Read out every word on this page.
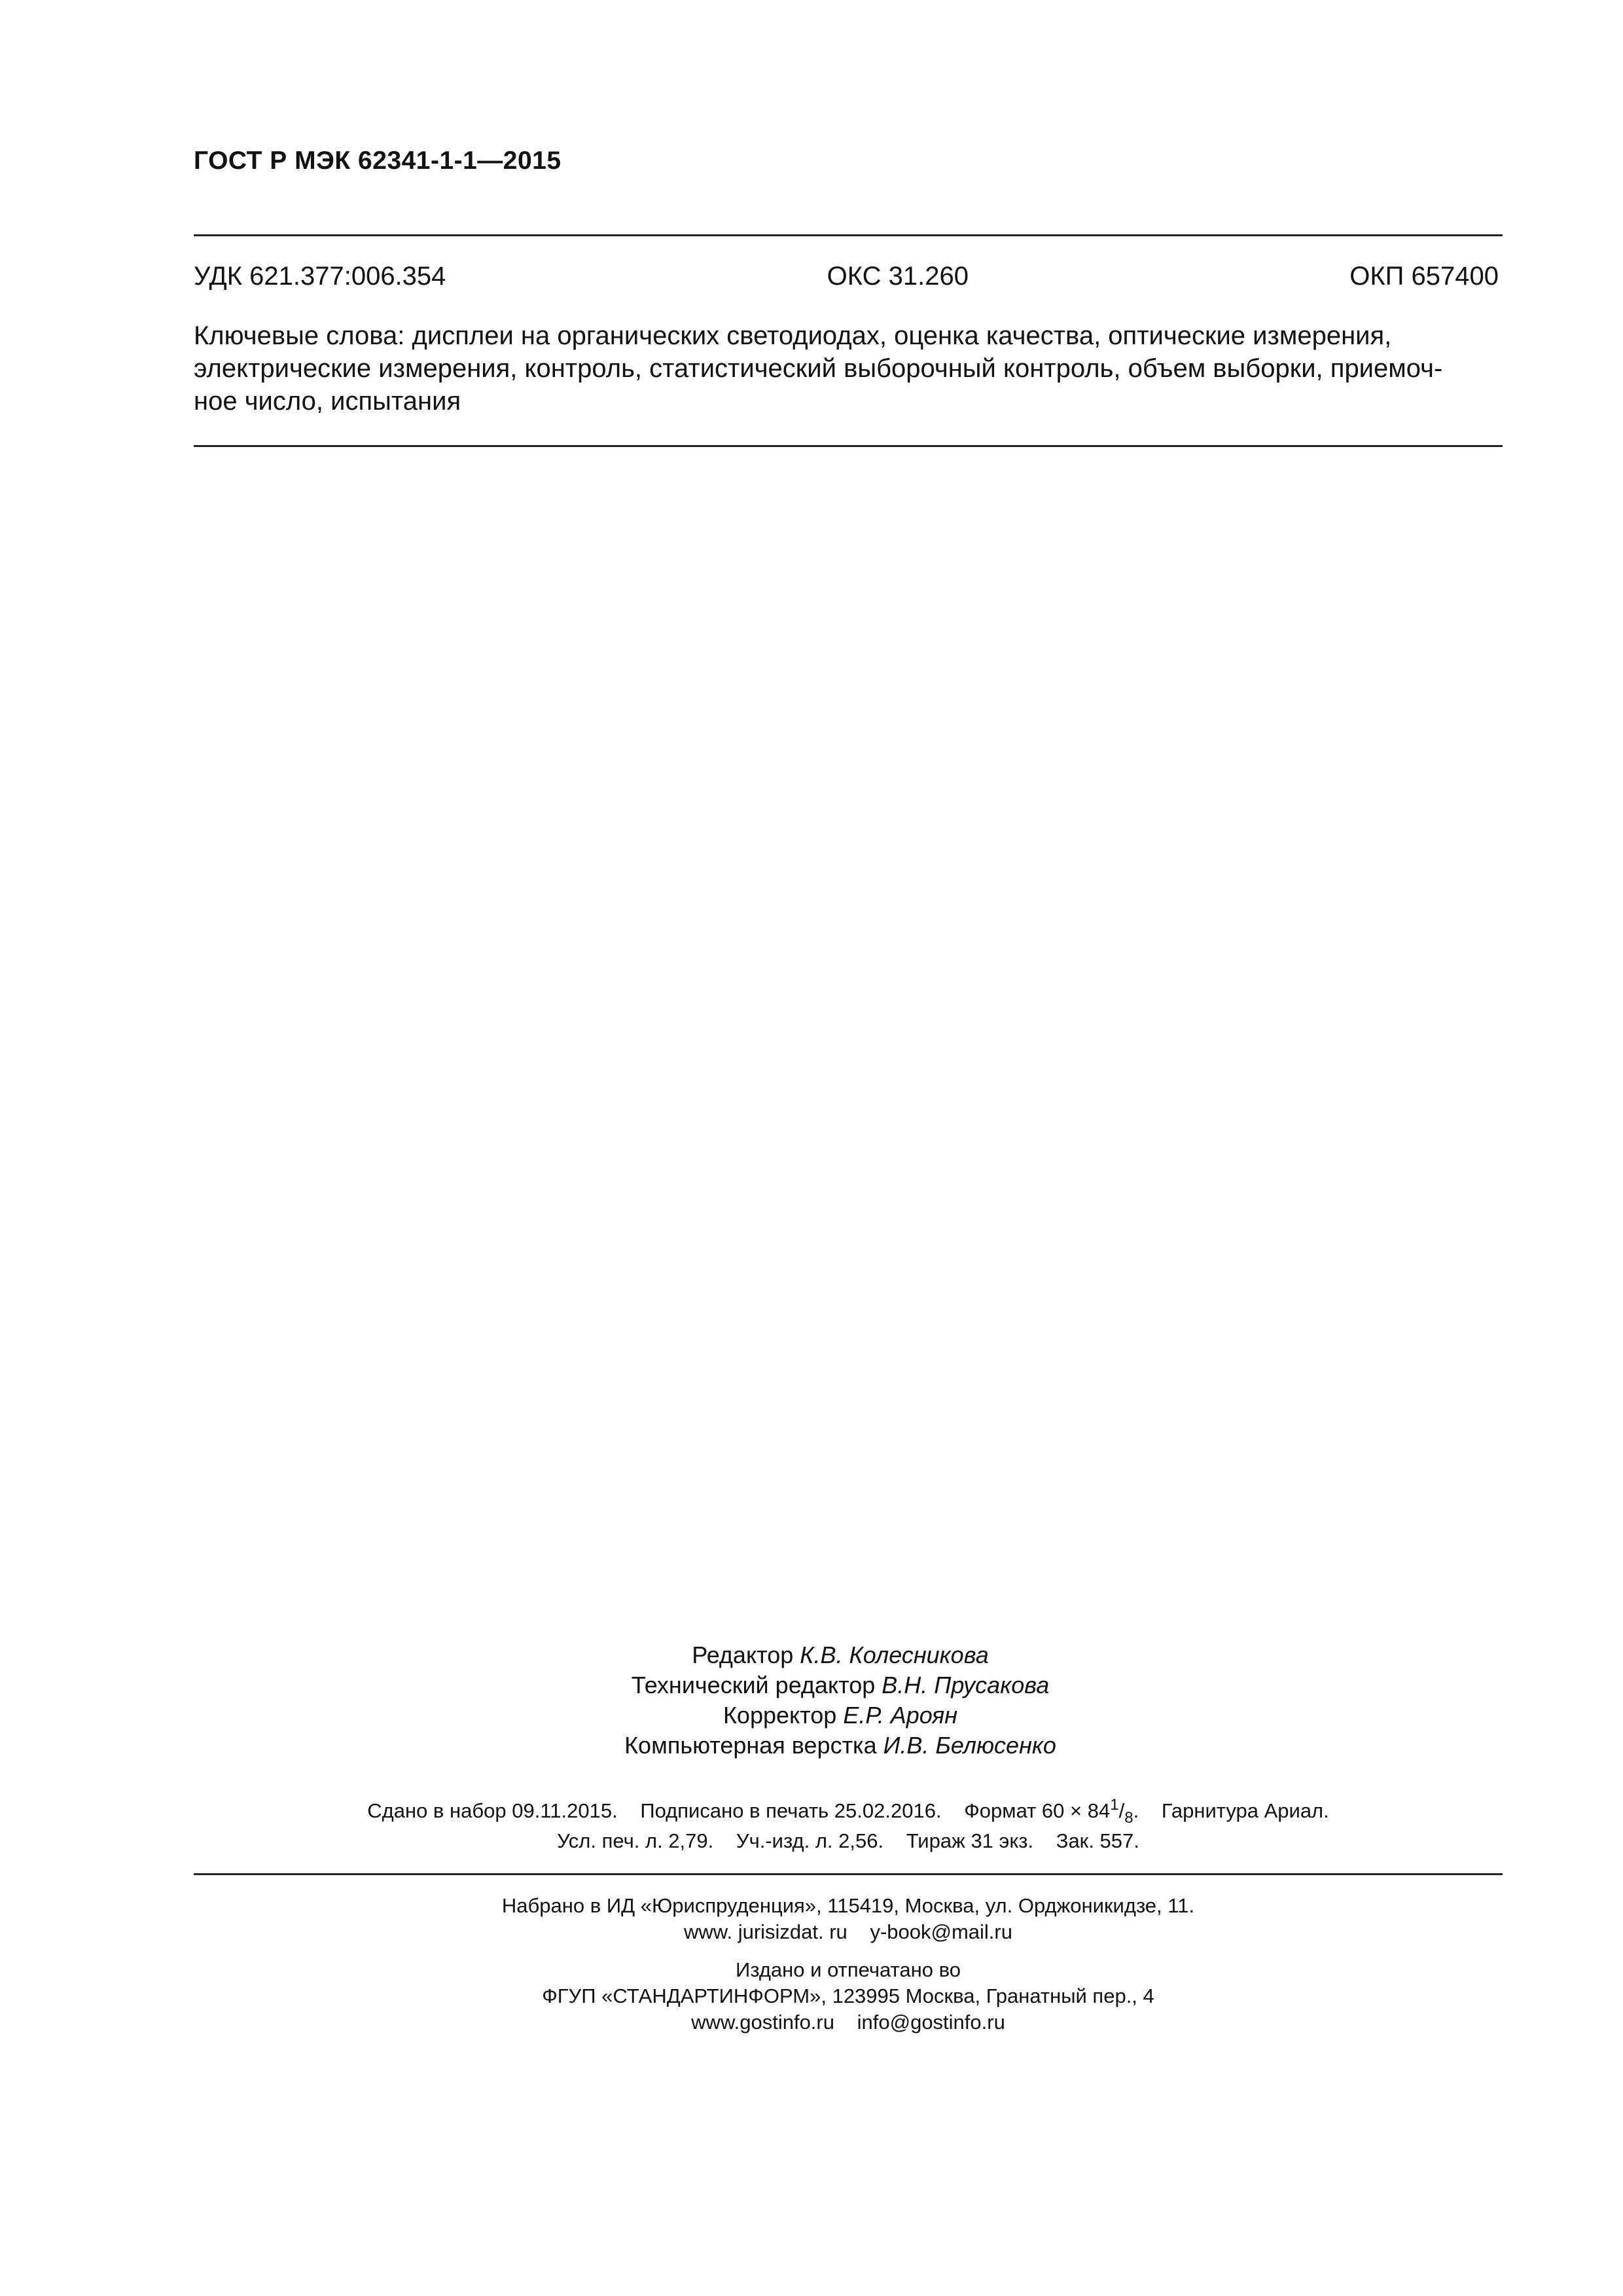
ГОСТ Р МЭК 62341-1-1—2015
УДК 621.377:006.354	ОКС 31.260	ОКП 657400
Ключевые слова: дисплеи на органических светодиодах, оценка качества, оптические измерения,
электрические измерения, контроль, статистический выборочный контроль, объем выборки, приемоч-
ное число, испытания
Редактор К.В. Колесникова
Технический редактор В.Н. Прусакова
Корректор Е.Р. Ароян
Компьютерная верстка И.В. Белюсенко
Сдано в набор 09.11.2015. Подписано в печать 25.02.2016. Формат $60 \times 84^1/_8$. Гарнитура Ариал.
Усл. печ. л. 2,79. Уч.-изд. л. 2,56. Тираж 31 экз. Зак. 557.
Набрано в ИД «Юриспруденция», 115419, Москва, ул. Орджоникидзе, 11.
www. jurisizdat. ru y-book@mail.ru
Издано и отпечатано во
ФГУП «СТАНДАРТИНФОРМ», 123995 Москва, Гранатный пер., 4
www.gostinfo.ru info@gostinfo.ru
